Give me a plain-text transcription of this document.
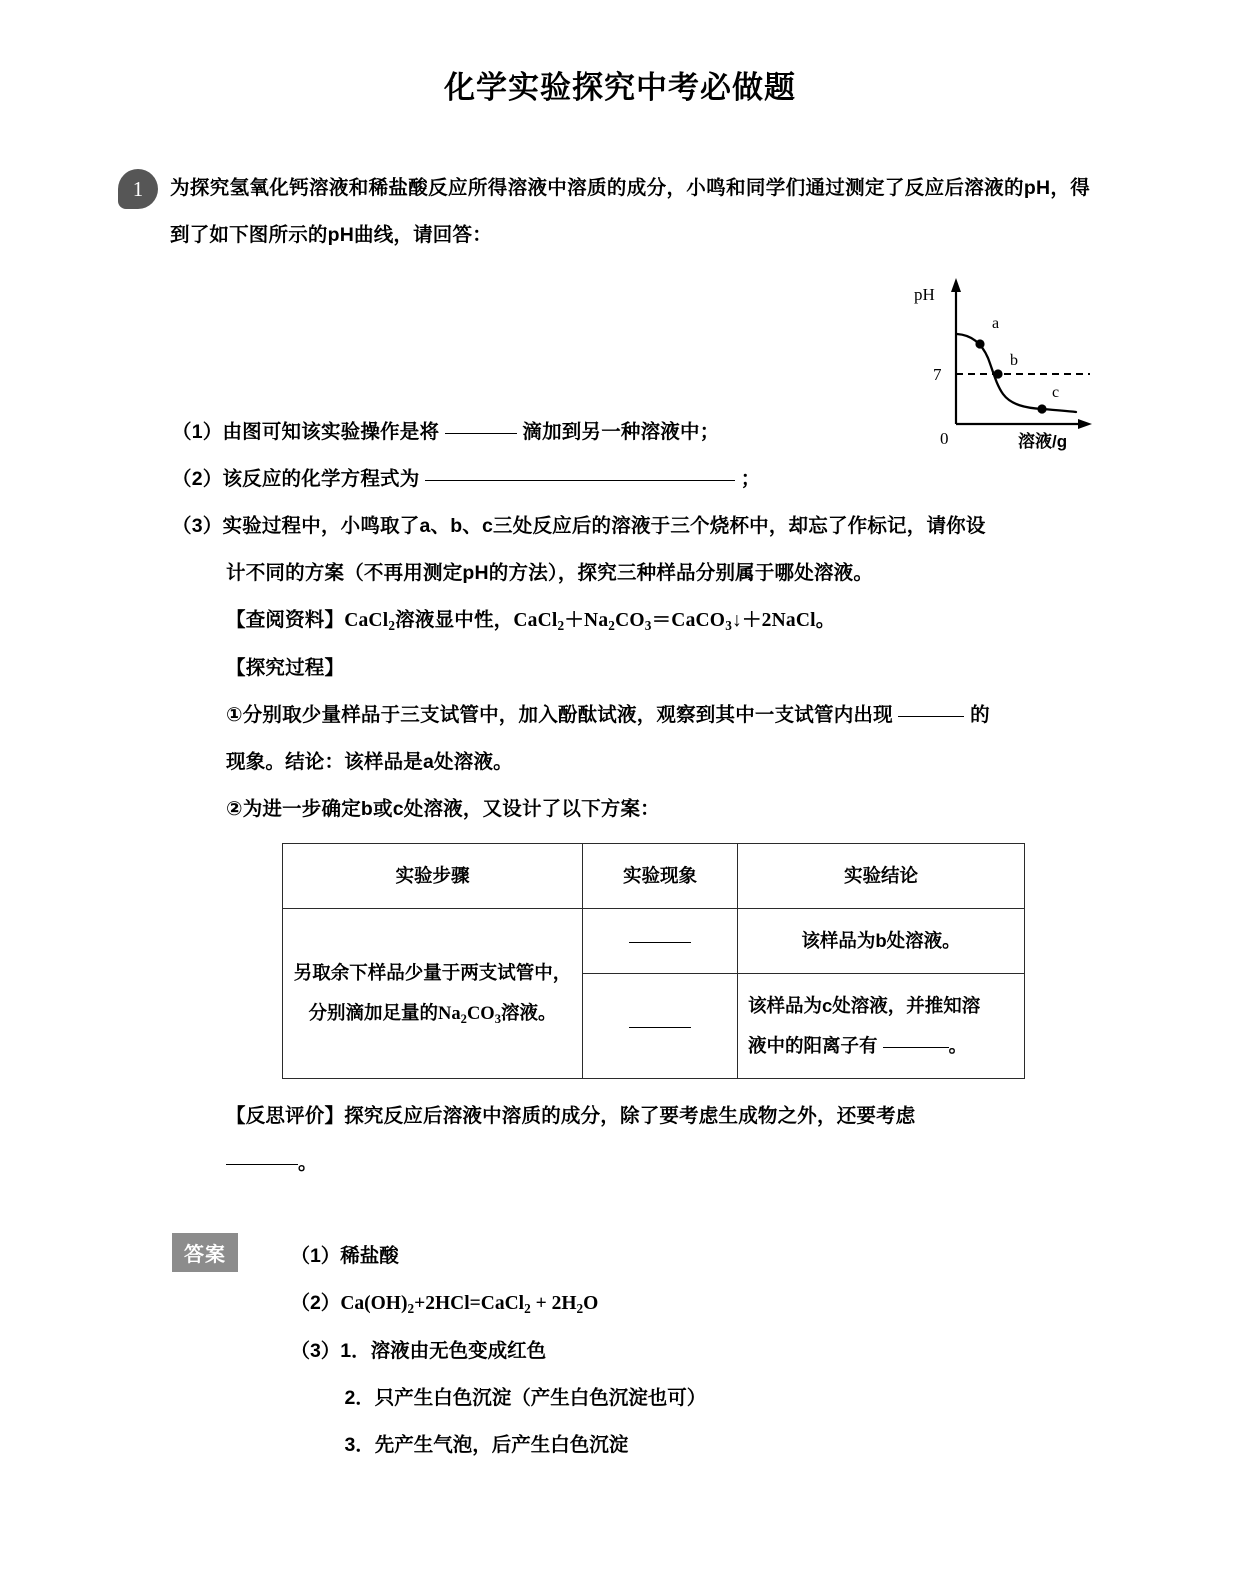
化学实验探究中考必做题
1	为探究氢氧化钙溶液和稀盐酸反应所得溶液中溶质的成分，小鸣和同学们通过测定了反应后溶液的pH，得到了如下图所示的pH曲线，请回答：

pH
7
0
a
b
c
溶液/g

（1）由图可知该实验操作是将	滴加到另一种溶液中；

（2）该反应的化学方程式为	；

（3）实验过程中，小鸣取了a、b、c三处反应后的溶液于三个烧杯中，却忘了作标记，请你设

计不同的方案（不再用测定pH的方法），探究三种样品分别属于哪处溶液。

【查阅资料】CaCl$_2$溶液显中性，$CaCl_2+Na_2CO_3=CaCO_3↓+2NaCl$。

【探究过程】

①分别取少量样品于三支试管中，加入酚酞试液，观察到其中一支试管内出现	的

现象。结论：该样品是a处溶液。

②为进一步确定b或c处溶液，又设计了以下方案：

实验步骤	实验现象	实验结论
另取余下样品少量于两支试管中，分别滴加足量的$Na_2CO_3$溶液。		该样品为b处溶液。
		该样品为c处溶液，并推知溶
液中的阳离子有 。

【反思评价】探究反应后溶液中溶质的成分，除了要考虑生成物之外，还要考虑

。

答案	（1）稀盐酸

$(2)Ca(OH)_2+2HCl=CaCl_2 + 2H_2O$

（3）1．溶液由无色变成红色

2．只产生白色沉淀（产生白色沉淀也可）

3．先产生气泡，后产生白色沉淀
